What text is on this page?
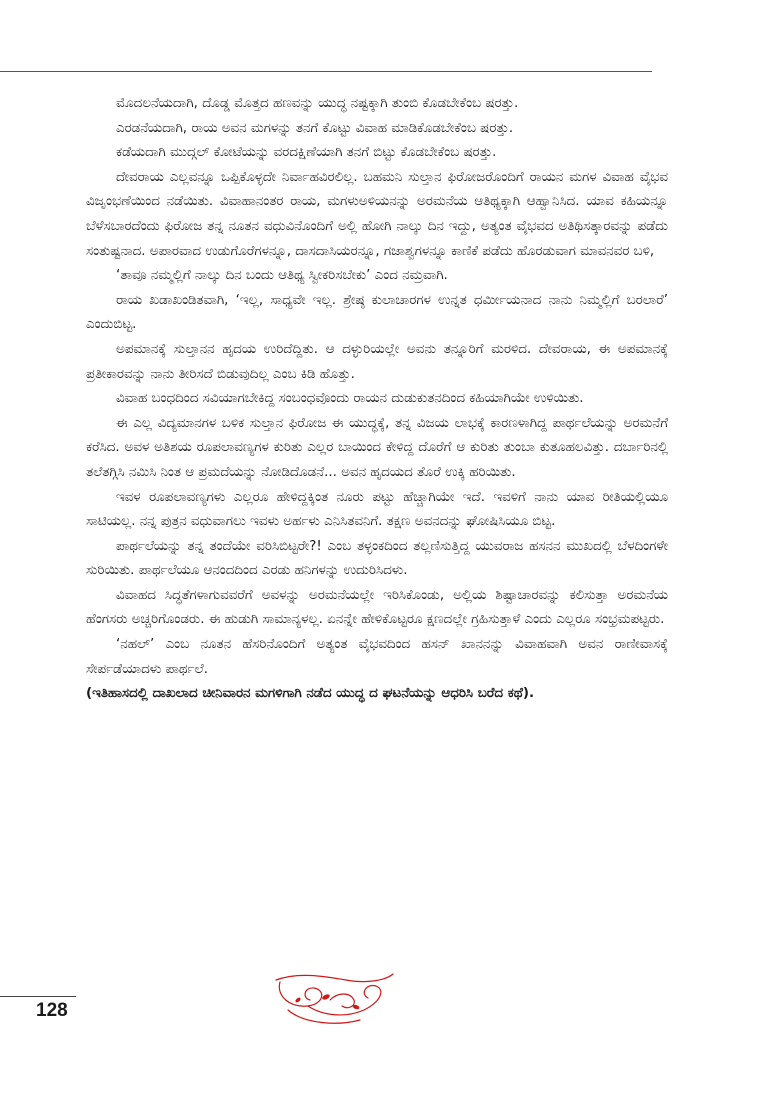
ಮೊದಲನೆಯದಾಗಿ, ದೊಡ್ಡ ಮೊತ್ತದ ಹಣವನ್ನು ಯುದ್ಧ ನಷ್ಟಕ್ಕಾಗಿ ತುಂಬಿ ಕೊಡಬೇಕೆಂಬ ಷರತ್ತು.

ಎರಡನೆಯದಾಗಿ, ರಾಯ ಅವನ ಮಗಳನ್ನು ತನಗೆ ಕೊಟ್ಟು ವಿವಾಹ ಮಾಡಿಕೊಡಬೇಕೆಂಬ ಷರತ್ತು.

ಕಡೆಯದಾಗಿ ಮುದ್ಗಲ್ ಕೋಟೆಯನ್ನು ವರದಕ್ಷಿಣೆಯಾಗಿ ತನಗೆ ಬಿಟ್ಟು ಕೊಡಬೇಕೆಂಬ ಷರತ್ತು.

ದೇವರಾಯ ಎಲ್ಲವನ್ನೂ ಒಪ್ಪಿಕೊಳ್ಳದೇ ನಿರ್ವಾಹವಿರಲಿಲ್ಲ. ಬಹಮನಿ ಸುಲ್ತಾನ ಫಿರೋಜರೊಂದಿಗೆ ರಾಯನ ಮಗಳ ವಿವಾಹ ವೈಭವ ವಿಜೃಂಭಣೆಯಿಂದ ನಡೆಯಿತು. ವಿವಾಹಾನಂತರ ರಾಯ, ಮಗಳುಅಳಿಯನನ್ನು ಅರಮನೆಯ ಆತಿಥ್ಯಕ್ಕಾಗಿ ಆಹ್ವಾನಿಸಿದ. ಯಾವ ಕಹಿಯನ್ನೂ ಬೆಳೆಸಬಾರದೆಂದು ಫಿರೋಜ ತನ್ನ ನೂತನ ವಧುವಿನೊಂದಿಗೆ ಅಲ್ಲಿ ಹೋಗಿ ನಾಲ್ಕು ದಿನ ಇದ್ದು, ಅತ್ಯಂತ ವೈಭವದ ಅತಿಥಿಸತ್ಕಾರವನ್ನು ಪಡೆದು ಸಂತುಷ್ಟನಾದ. ಅಪಾರವಾದ ಉಡುಗೊರೆಗಳನ್ನೂ, ದಾಸದಾಸಿಯರನ್ನೂ, ಗಜಾಶ್ವಗಳನ್ನೂ ಕಾಣಿಕೆ ಪಡೆದು ಹೊರಡುವಾಗ ಮಾವನವರ ಬಳಿ,

‘ತಾವೂ ನಮ್ಮಲ್ಲಿಗೆ ನಾಲ್ಕು ದಿನ ಬಂದು ಆತಿಥ್ಯ ಸ್ವೀಕರಿಸಬೇಕು’ ಎಂದ ನಮ್ರವಾಗಿ.

ರಾಯ ಖಡಾಖಂಡಿತವಾಗಿ, ‘ಇಲ್ಲ, ಸಾಧ್ಯವೇ ಇಲ್ಲ. ಶ್ರೇಷ್ಠ ಕುಲಾಚಾರಗಳ ಉನ್ನತ ಧರ್ಮೀಯನಾದ ನಾನು ನಿಮ್ಮಲ್ಲಿಗೆ ಬರಲಾರೆ’ ಎಂದುಬಿಟ್ಟ.

ಅಪಮಾನಕ್ಕೆ ಸುಲ್ತಾನನ ಹೃದಯ ಉರಿದೆದ್ದಿತು. ಆ ದಳ್ಳುರಿಯಲ್ಲೇ ಅವನು ತನ್ನೂರಿಗೆ ಮರಳಿದ. ದೇವರಾಯ, ಈ ಅಪಮಾನಕ್ಕೆ ಪ್ರತೀಕಾರವನ್ನು ನಾನು ತೀರಿಸದೆ ಬಿಡುವುದಿಲ್ಲ ಎಂಬ ಕಿಡಿ ಹೊತ್ತು.

ವಿವಾಹ ಬಂಧದಿಂದ ಸವಿಯಾಗಬೇಕಿದ್ದ ಸಂಬಂಧವೊಂದು ರಾಯನ ದುಡುಕುತನದಿಂದ ಕಹಿಯಾಗಿಯೇ ಉಳಿಯಿತು.

ಈ ಎಲ್ಲ ವಿದ್ಯಮಾನಗಳ ಬಳಿಕ ಸುಲ್ತಾನ ಫಿರೋಜ ಈ ಯುದ್ಧಕ್ಕೆ, ತನ್ನ ವಿಜಯ ಲಾಭಕ್ಕೆ ಕಾರಣಳಾಗಿದ್ದ ಪಾರ್ಥಲೆಯನ್ನು ಅರಮನೆಗೆ ಕರೆಸಿದ. ಅವಳ ಅತಿಶಯ ರೂಪಲಾವಣ್ಯಗಳ ಕುರಿತು ಎಲ್ಲರ ಬಾಯಿಂದ ಕೇಳಿದ್ದ ದೊರೆಗೆ ಆ ಕುರಿತು ತುಂಬಾ ಕುತೂಹಲವಿತ್ತು. ದರ್ಬಾರಿನಲ್ಲಿ ತಲೆತಗ್ಗಿಸಿ ನಮಿಸಿ ನಿಂತ ಆ ಪ್ರಮದೆಯನ್ನು ನೋಡಿದೊಡನೆ... ಅವನ ಹೃದಯದ ತೊರೆ ಉಕ್ಕಿ ಹರಿಯಿತು.

ಇವಳ ರೂಪಲಾವಣ್ಯಗಳು ಎಲ್ಲರೂ ಹೇಳಿದ್ದಕ್ಕಿಂತ ನೂರು ಪಟ್ಟು ಹೆಚ್ಚಾಗಿಯೇ ಇದೆ. ಇವಳಿಗೆ ನಾನು ಯಾವ ರೀತಿಯಲ್ಲಿಯೂ ಸಾಟಿಯಲ್ಲ. ನನ್ನ ಪುತ್ರನ ವಧುವಾಗಲು ಇವಳು ಅರ್ಹಳು ಎನಿಸಿತವನಿಗೆ. ತಕ್ಷಣ ಅವನದನ್ನು ಘೋಷಿಸಿಯೂ ಬಿಟ್ಟ.

ಪಾರ್ಥಲೆಯನ್ನು ತನ್ನ ತಂದೆಯೇ ವರಿಸಿಬಿಟ್ಟರೇ?! ಎಂಬ ತಳ್ಳಂಕದಿಂದ ತಲ್ಲಣಿಸುತ್ತಿದ್ದ ಯುವರಾಜ ಹಸನನ ಮುಖದಲ್ಲಿ ಬೆಳದಿಂಗಳೇ ಸುರಿಯಿತು. ಪಾರ್ಥಲೆಯೂ ಆನಂದದಿಂದ ಎರಡು ಹನಿಗಳನ್ನು ಉದುರಿಸಿದಳು.

ವಿವಾಹದ ಸಿದ್ಧತೆಗಳಾಗುವವರೆಗೆ ಅವಳನ್ನು ಅರಮನೆಯಲ್ಲೇ ಇರಿಸಿಕೊಂಡು, ಅಲ್ಲಿಯ ಶಿಷ್ಟಾಚಾರವನ್ನು ಕಲಿಸುತ್ತಾ ಅರಮನೆಯ ಹೆಂಗಸರು ಅಚ್ಚರಿಗೊಂಡರು. ಈ ಹುಡುಗಿ ಸಾಮಾನ್ಯಳಲ್ಲ. ಏನನ್ನೇ ಹೇಳಿಕೊಟ್ಟರೂ ಕ್ಷಣದಲ್ಲೇ ಗ್ರಹಿಸುತ್ತಾಳೆ ಎಂದು ಎಲ್ಲರೂ ಸಂಭ್ರಮಪಟ್ಟರು.

‘ನಹಲ್’ ಎಂಬ ನೂತನ ಹೆಸರಿನೊಂದಿಗೆ ಅತ್ಯಂತ ವೈಭವದಿಂದ ಹಸನ್ ಖಾನನನ್ನು ವಿವಾಹವಾಗಿ ಅವನ ರಾಣೀವಾಸಕ್ಕೆ ಸೇರ್ಪಡೆಯಾದಳು ಪಾರ್ಥಲೆ.

(ಇತಿಹಾಸದಲ್ಲಿ ದಾಖಲಾದ ಚೀನಿವಾರನ ಮಗಳಿಗಾಗಿ ನಡೆದ ಯುದ್ಧ ದ ಘಟನೆಯನ್ನು ಆಧರಿಸಿ ಬರೆದ ಕಥೆ).

128
